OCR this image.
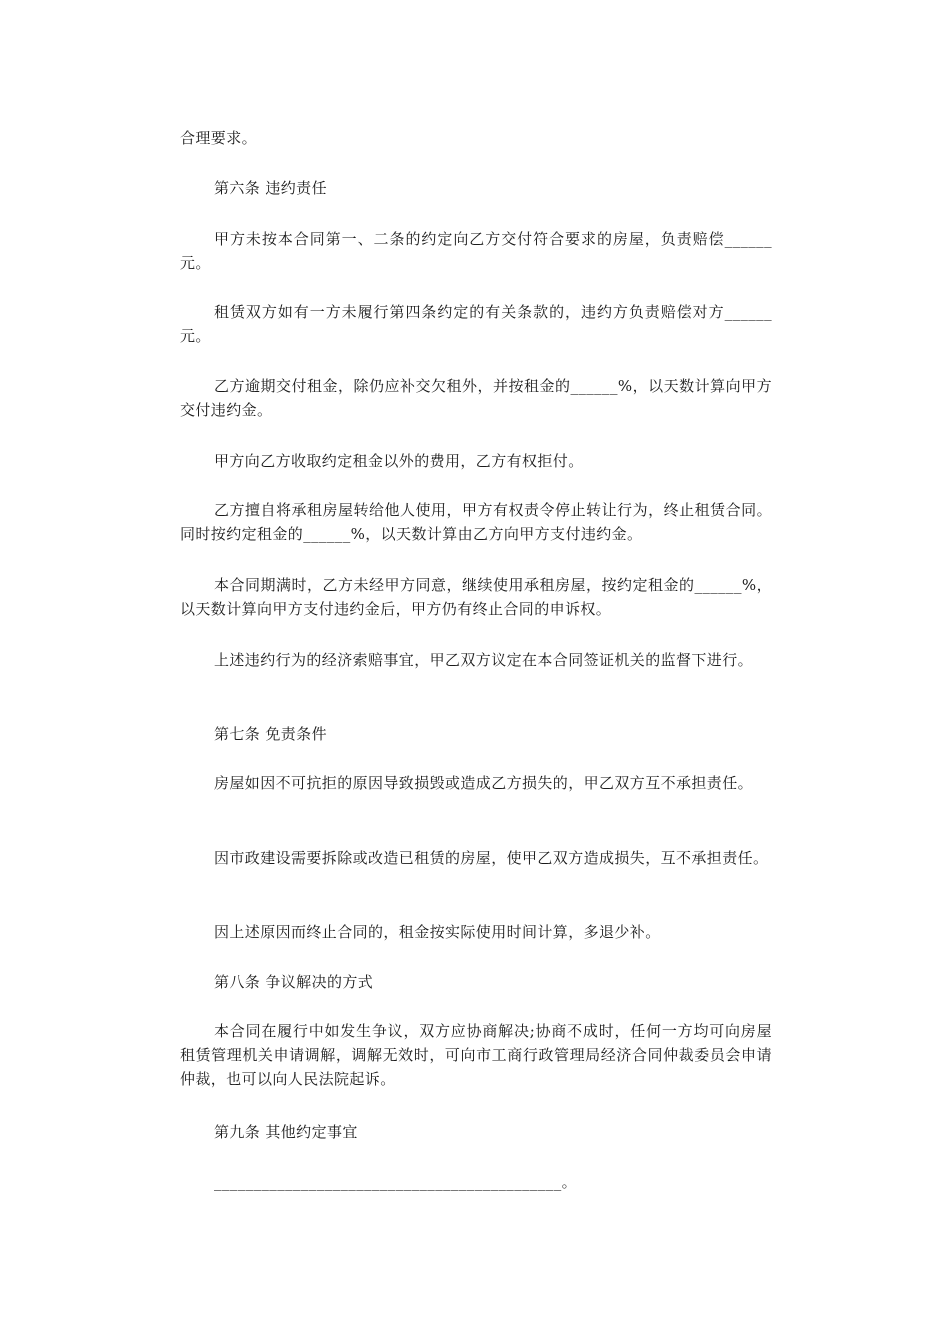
合理要求。

第六条 违约责任

甲方未按本合同第一、二条的约定向乙方交付符合要求的房屋，负责赔偿______元。

租赁双方如有一方未履行第四条约定的有关条款的，违约方负责赔偿对方______元。

乙方逾期交付租金，除仍应补交欠租外，并按租金的______%，以天数计算向甲方交付违约金。

甲方向乙方收取约定租金以外的费用，乙方有权拒付。

乙方擅自将承租房屋转给他人使用，甲方有权责令停止转让行为，终止租赁合同。同时按约定租金的______%，以天数计算由乙方向甲方支付违约金。

本合同期满时，乙方未经甲方同意，继续使用承租房屋，按约定租金的______%，以天数计算向甲方支付违约金后，甲方仍有终止合同的申诉权。

上述违约行为的经济索赔事宜，甲乙双方议定在本合同签证机关的监督下进行。

第七条 免责条件

房屋如因不可抗拒的原因导致损毁或造成乙方损失的，甲乙双方互不承担责任。

因市政建设需要拆除或改造已租赁的房屋，使甲乙双方造成损失，互不承担责任。

因上述原因而终止合同的，租金按实际使用时间计算，多退少补。

第八条 争议解决的方式

本合同在履行中如发生争议，双方应协商解决;协商不成时，任何一方均可向房屋租赁管理机关申请调解，调解无效时，可向市工商行政管理局经济合同仲裁委员会申请仲裁，也可以向人民法院起诉。

第九条 其他约定事宜

____________________________________________。
